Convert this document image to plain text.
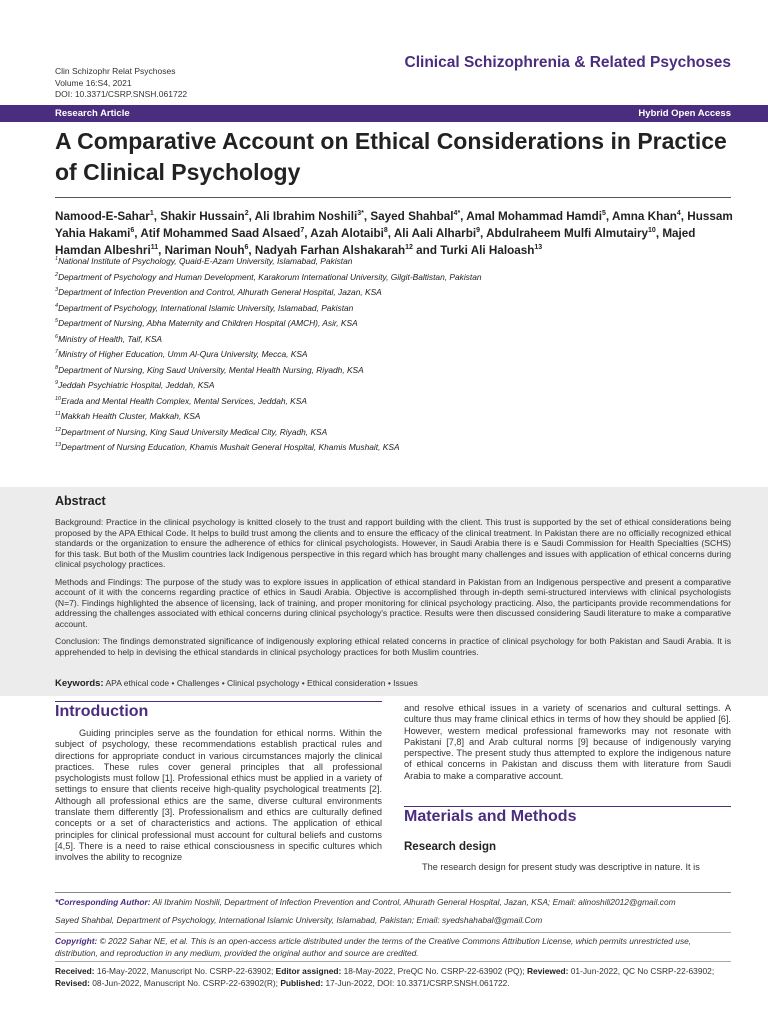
Clin Schizophr Relat Psychoses
Volume 16:S4, 2021
DOI: 10.3371/CSRP.SNSH.061722
Clinical Schizophrenia & Related Psychoses
Research Article	Hybrid Open Access
A Comparative Account on Ethical Considerations in Practice of Clinical Psychology
Namood-E-Sahar$^1$, Shakir Hussain$^2$, Ali Ibrahim Noshili$^{3*}$, Sayed Shahbal$^{4*}$, Amal Mohammad Hamdi$^5$, Amna Khan$^4$, Hussam Yahia Hakami$^6$, Atif Mohammed Saad Alsaed$^7$, Azah Alotaibi$^8$, Ali Aali Alharbi$^9$, Abdulraheem Mulfi Almutairy$^{10}$, Majed Hamdan Albeshri$^{11}$, Nariman Nouh$^6$, Nadyah Farhan Alshakarah$^{12}$ and Turki Ali Haloash$^{13}$
$^1$National Institute of Psychology, Quaid-E-Azam University, Islamabad, Pakistan
$^2$Department of Psychology and Human Development, Karakorum International University, Gilgit-Baltistan, Pakistan
$^3$Department of Infection Prevention and Control, Alhurath General Hospital, Jazan, KSA
$^4$Department of Psychology, International Islamic University, Islamabad, Pakistan
$^5$Department of Nursing, Abha Maternity and Children Hospital (AMCH), Asir, KSA
$^6$Ministry of Health, Taif, KSA
$^7$Ministry of Higher Education, Umm Al-Qura University, Mecca, KSA
$^8$Department of Nursing, King Saud University, Mental Health Nursing, Riyadh, KSA
$^9$Jeddah Psychiatric Hospital, Jeddah, KSA
$^{10}$Erada and Mental Health Complex, Mental Services, Jeddah, KSA
$^{11}$Makkah Health Cluster, Makkah, KSA
$^{12}$Department of Nursing, King Saud University Medical City, Riyadh, KSA
$^{13}$Department of Nursing Education, Khamis Mushait General Hospital, Khamis Mushait, KSA
Abstract

Background: Practice in the clinical psychology is knitted closely to the trust and rapport building with the client. This trust is supported by the set of ethical considerations being proposed by the APA Ethical Code. It helps to build trust among the clients and to ensure the efficacy of the clinical treatment. In Pakistan there are no officially recognized ethical standards or the organization to ensure the adherence of ethics for clinical psychologists. However, in Saudi Arabia there is e Saudi Commission for Health Specialties (SCHS) for this task. But both of the Muslim countries lack Indigenous perspective in this regard which has brought many challenges and issues with application of ethical concerns during clinical psychology practices.

Methods and Findings: The purpose of the study was to explore issues in application of ethical standard in Pakistan from an Indigenous perspective and present a comparative account of it with the concerns regarding practice of ethics in Saudi Arabia. Objective is accomplished through in-depth semi-structured interviews with clinical psychologists (N=7). Findings highlighted the absence of licensing, lack of training, and proper monitoring for clinical psychology practicing. Also, the participants provide recommendations for addressing the challenges associated with ethical concerns during clinical psychology's practice. Results were then discussed considering Saudi literature to make a comparative account.

Conclusion: The findings demonstrated significance of indigenously exploring ethical related concerns in practice of clinical psychology for both Pakistan and Saudi Arabia. It is apprehended to help in devising the ethical standards in clinical psychology practices for both Muslim countries.

Keywords: APA ethical code • Challenges • Clinical psychology • Ethical consideration • Issues
Introduction
Guiding principles serve as the foundation for ethical norms. Within the subject of psychology, these recommendations establish practical rules and directions for appropriate conduct in various circumstances majorly the clinical practices. These rules cover general principles that all professional psychologists must follow [1]. Professional ethics must be applied in a variety of settings to ensure that clients receive high-quality psychological treatments [2]. Although all professional ethics are the same, diverse cultural environments translate them differently [3]. Professionalism and ethics are culturally defined concepts or a set of characteristics and actions. The application of ethical principles for clinical professional must account for cultural beliefs and customs [4,5]. There is a need to raise ethical consciousness in specific cultures which involves the ability to recognize
and resolve ethical issues in a variety of scenarios and cultural settings. A culture thus may frame clinical ethics in terms of how they should be applied [6]. However, western medical professional frameworks may not resonate with Pakistani [7,8] and Arab cultural norms [9] because of indigenously varying perspective. The present study thus attempted to explore the indigenous nature of ethical concerns in Pakistan and discuss them with literature from Saudi Arabia to make a comparative account.
Materials and Methods
Research design
The research design for present study was descriptive in nature. It is
*Corresponding Author: Ali Ibrahim Noshili, Department of Infection Prevention and Control, Alhurath General Hospital, Jazan, KSA; Email: alinoshili2012@gmail.com
Sayed Shahbal, Department of Psychology, International Islamic University, Islamabad, Pakistan; Email: syedshahabal@gmail.Com
Copyright: © 2022 Sahar NE, et al. This is an open-access article distributed under the terms of the Creative Commons Attribution License, which permits unrestricted use, distribution, and reproduction in any medium, provided the original author and source are credited.
Received: 16-May-2022, Manuscript No. CSRP-22-63902; Editor assigned: 18-May-2022, PreQC No. CSRP-22-63902 (PQ); Reviewed: 01-Jun-2022, QC No CSRP-22-63902; Revised: 08-Jun-2022, Manuscript No. CSRP-22-63902(R); Published: 17-Jun-2022, DOI: 10.3371/CSRP.SNSH.061722.
